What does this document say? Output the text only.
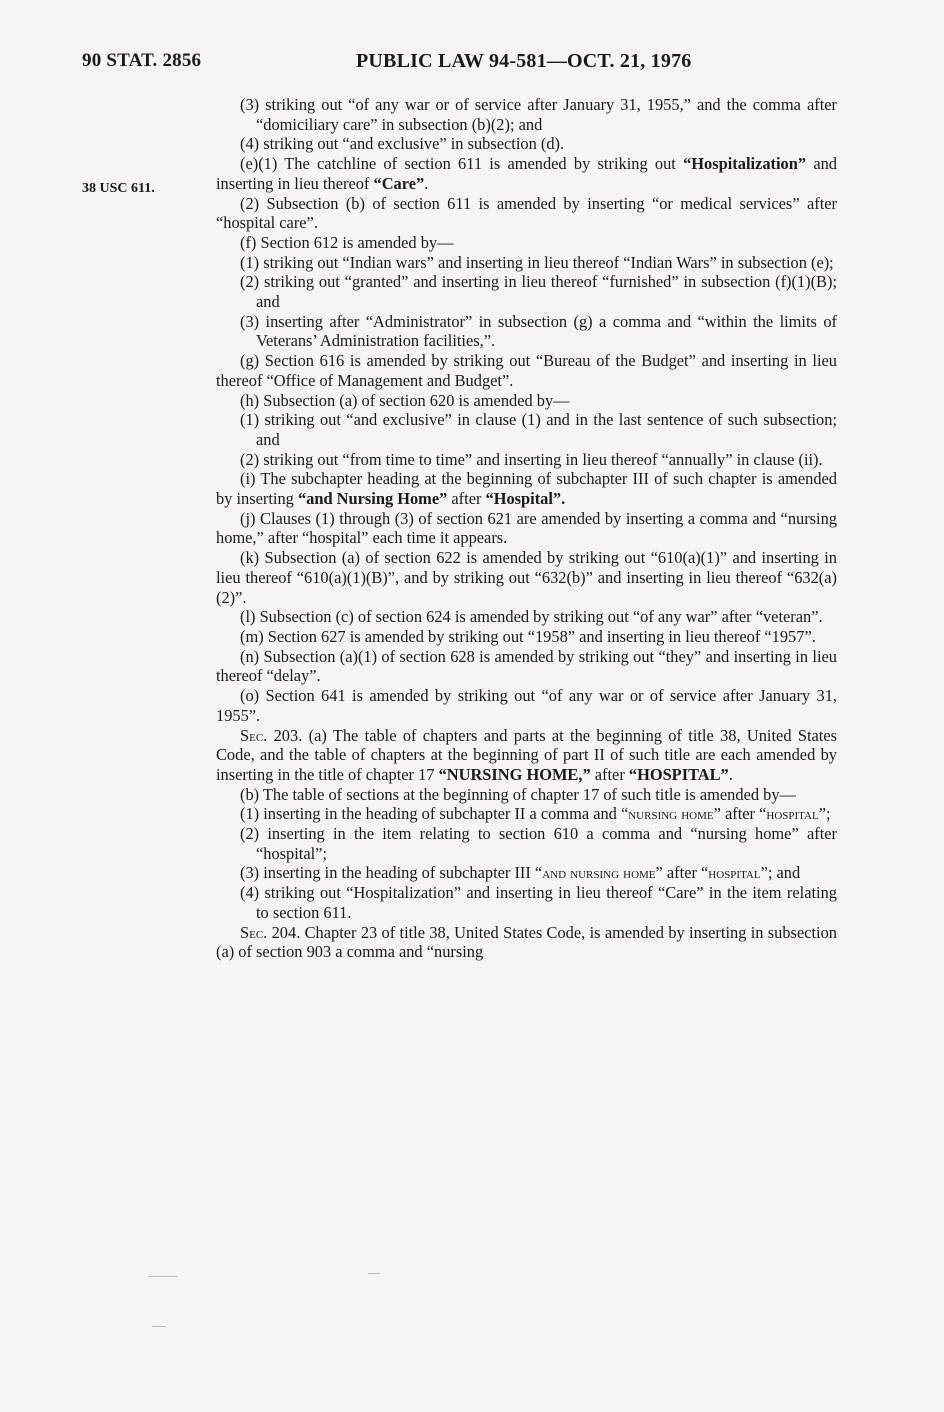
90 STAT. 2856	PUBLIC LAW 94-581—OCT. 21, 1976
38 USC 611.

(3) striking out “of any war or of service after January 31, 1955,” and the comma after “domiciliary care” in subsection (b)(2); and

(4) striking out “and exclusive” in subsection (d).

(e)(1) The catchline of section 611 is amended by striking out “Hospitalization” and inserting in lieu thereof “Care”.

(2) Subsection (b) of section 611 is amended by inserting “or medical services” after “hospital care”.

(f) Section 612 is amended by—

(1) striking out “Indian wars” and inserting in lieu thereof “Indian Wars” in subsection (e);

(2) striking out “granted” and inserting in lieu thereof “furnished” in subsection (f)(1)(B); and

(3) inserting after “Administrator” in subsection (g) a comma and “within the limits of Veterans’ Administration facilities,”.

(g) Section 616 is amended by striking out “Bureau of the Budget” and inserting in lieu thereof “Office of Management and Budget”.

(h) Subsection (a) of section 620 is amended by—

(1) striking out “and exclusive” in clause (1) and in the last sentence of such subsection; and

(2) striking out “from time to time” and inserting in lieu thereof “annually” in clause (ii).

(i) The subchapter heading at the beginning of subchapter III of such chapter is amended by inserting “and Nursing Home” after “Hospital”.

(j) Clauses (1) through (3) of section 621 are amended by inserting a comma and “nursing home,” after “hospital” each time it appears.

(k) Subsection (a) of section 622 is amended by striking out “610(a)(1)” and inserting in lieu thereof “610(a)(1)(B)”, and by striking out “632(b)” and inserting in lieu thereof “632(a)(2)”.

(l) Subsection (c) of section 624 is amended by striking out “of any war” after “veteran”.

(m) Section 627 is amended by striking out “1958” and inserting in lieu thereof “1957”.

(n) Subsection (a)(1) of section 628 is amended by striking out “they” and inserting in lieu thereof “delay”.

(o) Section 641 is amended by striking out “of any war or of service after January 31, 1955”.

Sec. 203. (a) The table of chapters and parts at the beginning of title 38, United States Code, and the table of chapters at the beginning of part II of such title are each amended by inserting in the title of chapter 17 “NURSING HOME,” after “HOSPITAL”.

(b) The table of sections at the beginning of chapter 17 of such title is amended by—

(1) inserting in the heading of subchapter II a comma and “nursing home” after “hospital”;

(2) inserting in the item relating to section 610 a comma and “nursing home” after “hospital”;

(3) inserting in the heading of subchapter III “and nursing home” after “hospital”; and

(4) striking out “Hospitalization” and inserting in lieu thereof “Care” in the item relating to section 611.

Sec. 204. Chapter 23 of title 38, United States Code, is amended by inserting in subsection (a) of section 903 a comma and “nursing
